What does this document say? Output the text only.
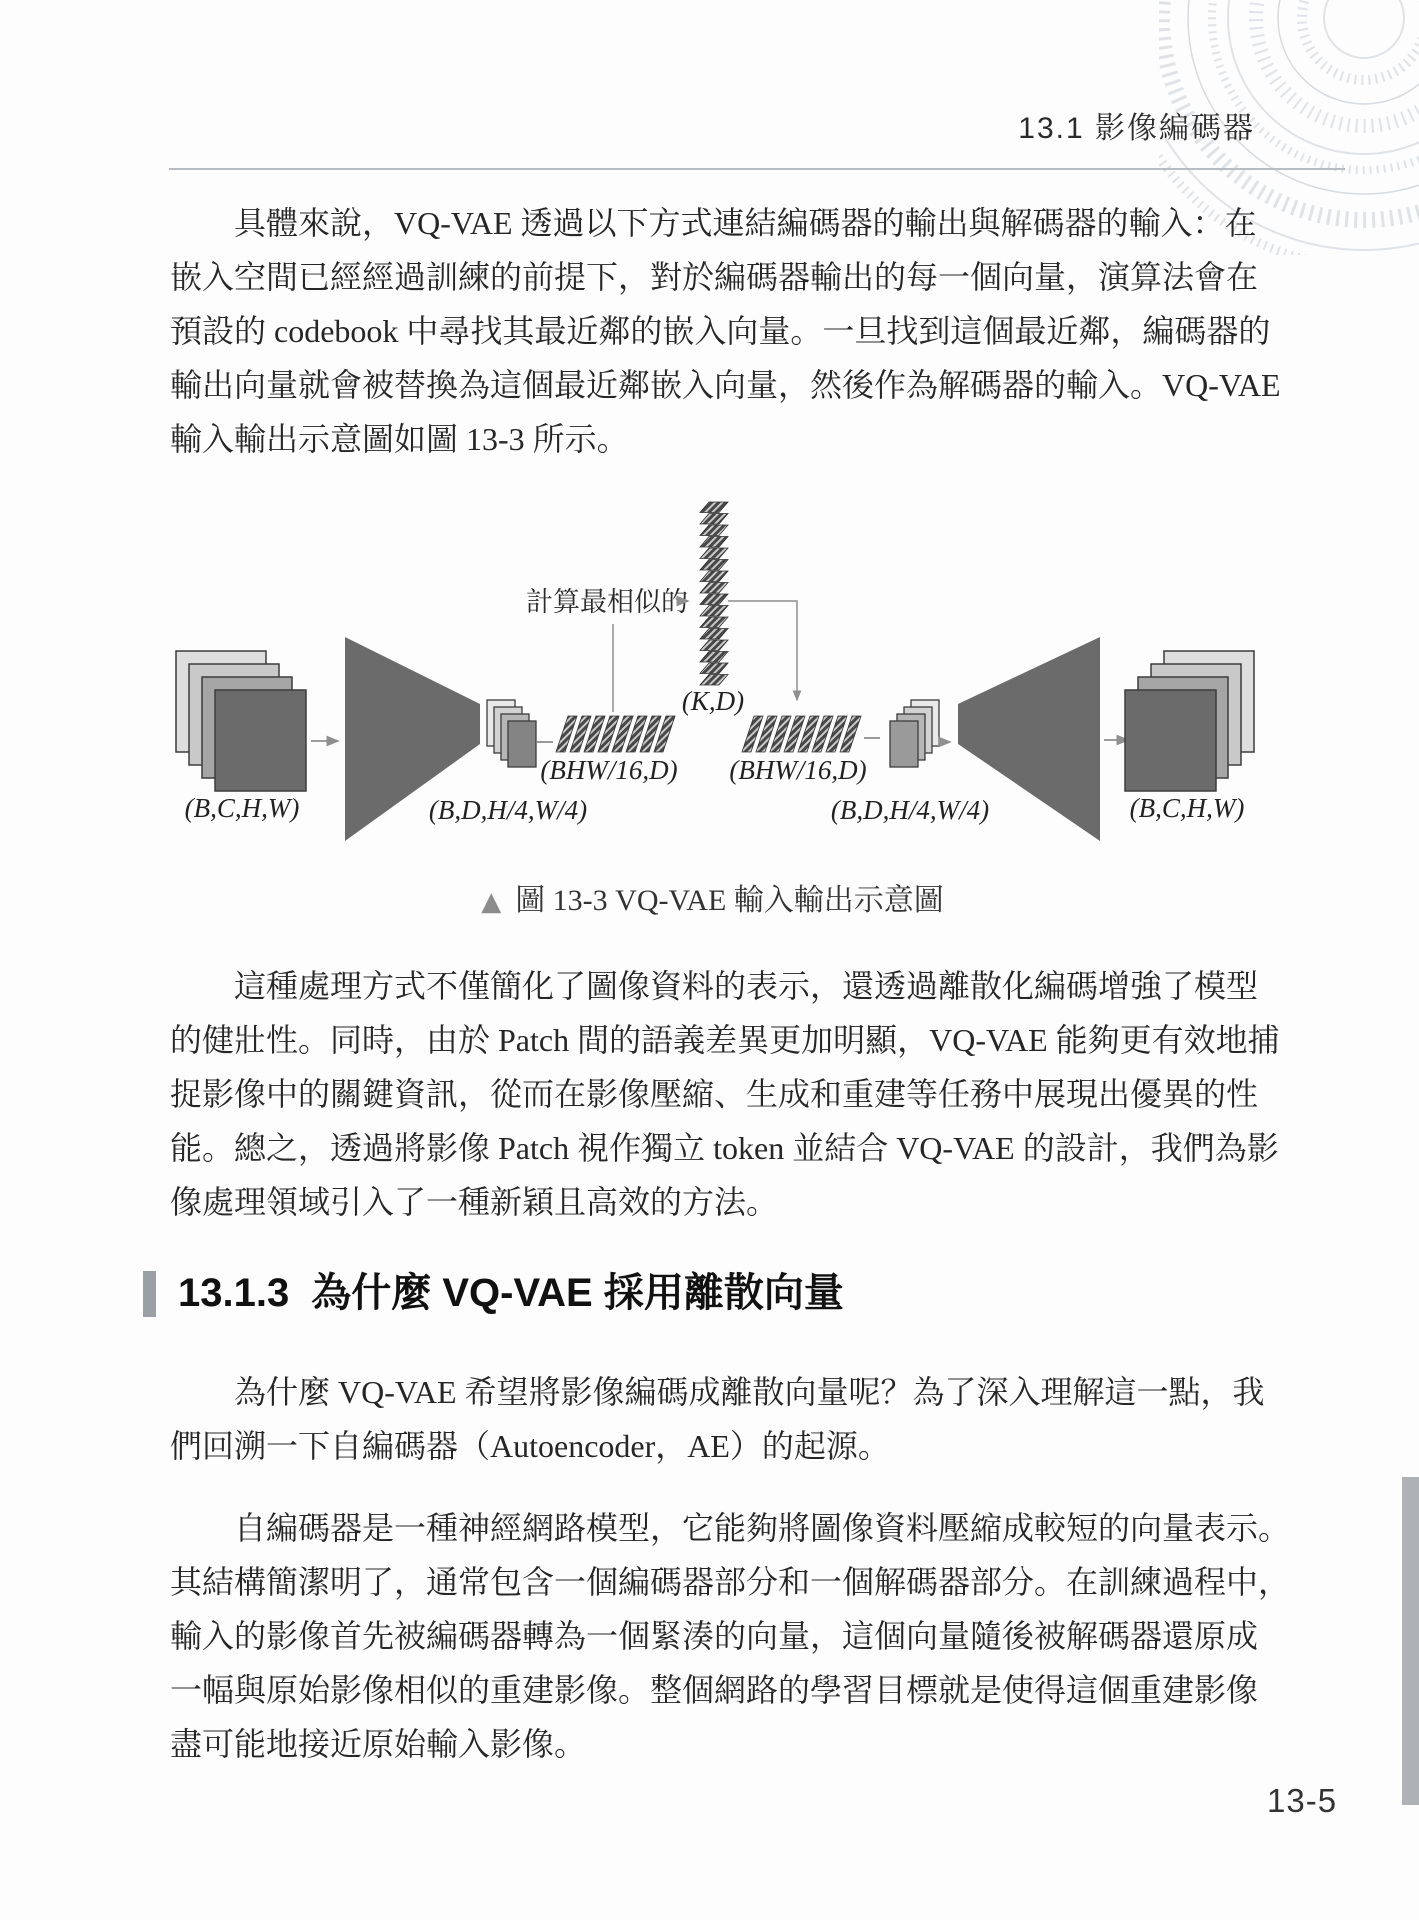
13.1 影像編碼器
具體來說，VQ-VAE 透過以下方式連結編碼器的輸出與解碼器的輸入：在
嵌入空間已經經過訓練的前提下，對於編碼器輸出的每一個向量，演算法會在
預設的 codebook 中尋找其最近鄰的嵌入向量。一旦找到這個最近鄰，編碼器的
輸出向量就會被替換為這個最近鄰嵌入向量，然後作為解碼器的輸入。VQ-VAE
輸入輸出示意圖如圖 13-3 所示。
(BHW/16,D)
計算最相似的
(K,D)
(BHW/16,D)
(B,C,H,W)	(B,D,H/4,W/4)	(B,D,H/4,W/4)	(B,C,H,W)
▲ 圖 13-3 VQ-VAE 輸入輸出示意圖
這種處理方式不僅簡化了圖像資料的表示，還透過離散化編碼增強了模型
的健壯性。同時，由於 Patch 間的語義差異更加明顯，VQ-VAE 能夠更有效地捕
捉影像中的關鍵資訊，從而在影像壓縮、生成和重建等任務中展現出優異的性
能。總之，透過將影像 Patch 視作獨立 token 並結合 VQ-VAE 的設計，我們為影
像處理領域引入了一種新穎且高效的方法。
13.1.3 為什麼 VQ-VAE 採用離散向量
為什麼 VQ-VAE 希望將影像編碼成離散向量呢？為了深入理解這一點，我
們回溯一下自編碼器（Autoencoder，AE）的起源。
自編碼器是一種神經網路模型，它能夠將圖像資料壓縮成較短的向量表示。
其結構簡潔明了，通常包含一個編碼器部分和一個解碼器部分。在訓練過程中，
輸入的影像首先被編碼器轉為一個緊湊的向量，這個向量隨後被解碼器還原成
一幅與原始影像相似的重建影像。整個網路的學習目標就是使得這個重建影像
盡可能地接近原始輸入影像。
13-5
